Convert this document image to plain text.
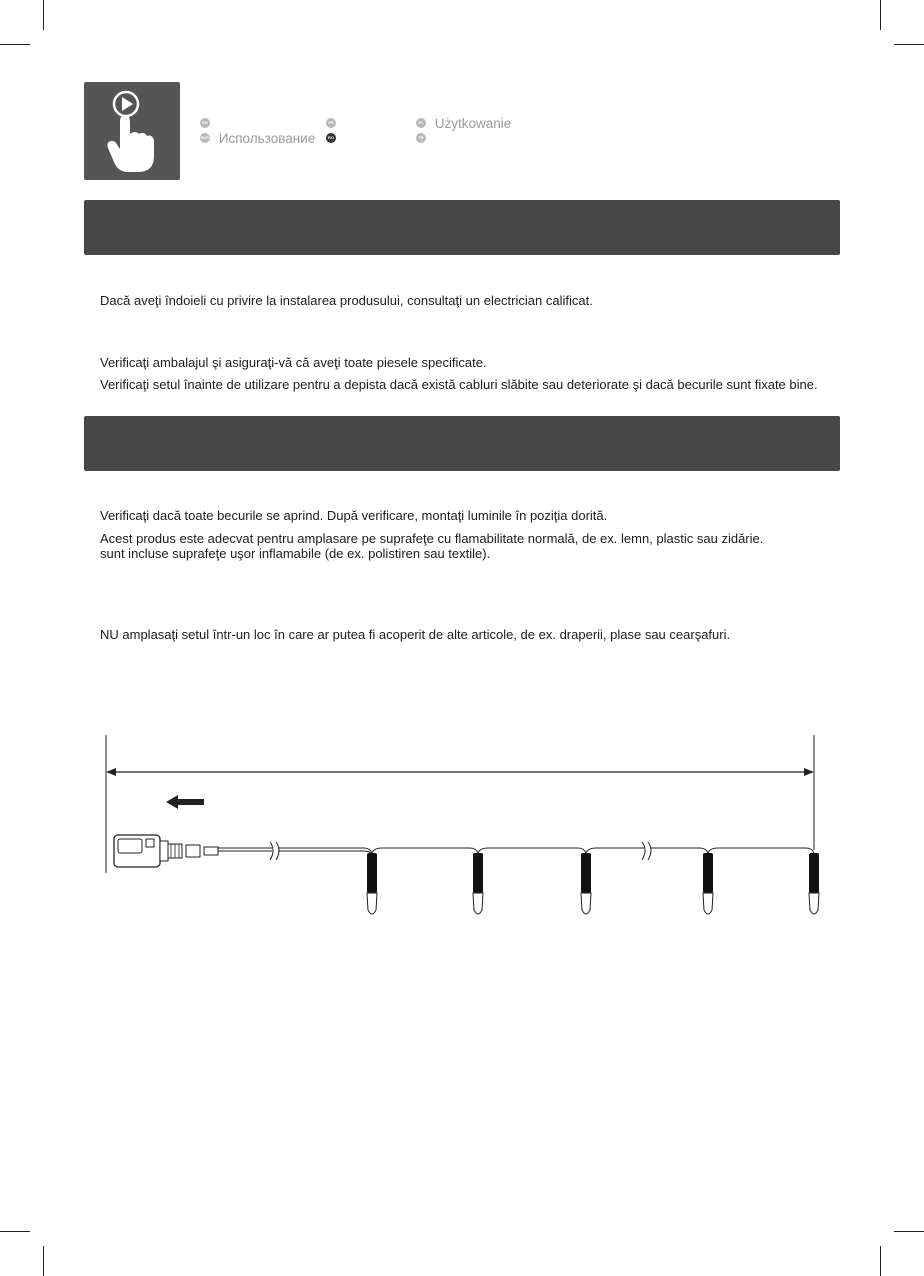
EN
RUS Использование
FR
RO
PL Użytkowanie
TR
Dacă aveţi îndoieli cu privire la instalarea produsului, consultaţi un electrician calificat.
Verificaţi ambalajul şi asiguraţi-vă că aveţi toate piesele specificate.
Verificaţi setul înainte de utilizare pentru a depista dacă există cabluri slăbite sau deteriorate şi dacă becurile sunt fixate bine.
Verificaţi dacă toate becurile se aprind. După verificare, montaţi luminile în poziţia dorită.
Acest produs este adecvat pentru amplasare pe suprafeţe cu flamabilitate normală, de ex. lemn, plastic sau zidărie.
sunt incluse suprafeţe uşor inflamabile (de ex. polistiren sau textile).
NU amplasaţi setul într-un loc în care ar putea fi acoperit de alte articole, de ex. draperii, plase sau cearşafuri.
